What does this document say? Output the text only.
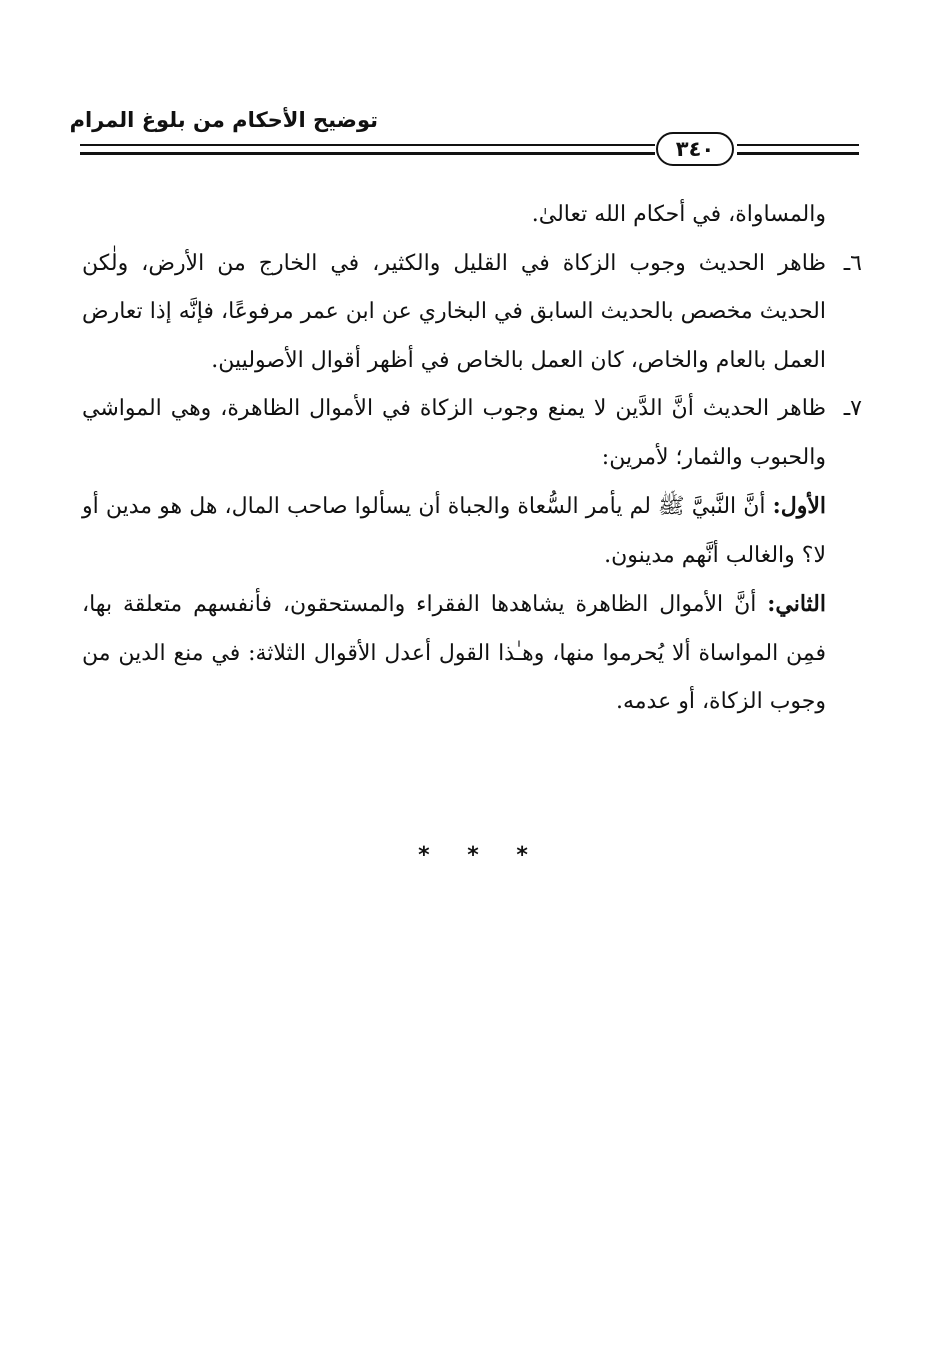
توضيح الأحكام من بلوغ المرام
٣٤٠

والمساواة، في أحكام الله تعالىٰ.

٦ـ
ظاهر الحديث وجوب الزكاة في القليل والكثير، في الخارج من الأرض، ولٰكن الحديث مخصص بالحديث السابق في البخاري عن ابن عمر مرفوعًا، فإنَّه إذا تعارض العمل بالعام والخاص، كان العمل بالخاص في أظهر أقوال الأصوليين.
٧ـ
ظاهر الحديث أنَّ الدَّين لا يمنع وجوب الزكاة في الأموال الظاهرة، وهي المواشي والحبوب والثمار؛ لأمرين:
الأول: أنَّ النَّبيَّ ﷺ لم يأمر السُّعاة والجباة أن يسألوا صاحب المال، هل هو مدين أو لا؟ والغالب أنَّهم مدينون.
الثاني: أنَّ الأموال الظاهرة يشاهدها الفقراء والمستحقون، فأنفسهم متعلقة بها، فمِن المواساة ألا يُحرموا منها، وهـٰذا القول أعدل الأقوال الثلاثة: في منع الدين من وجوب الزكاة، أو عدمه.
* * *
